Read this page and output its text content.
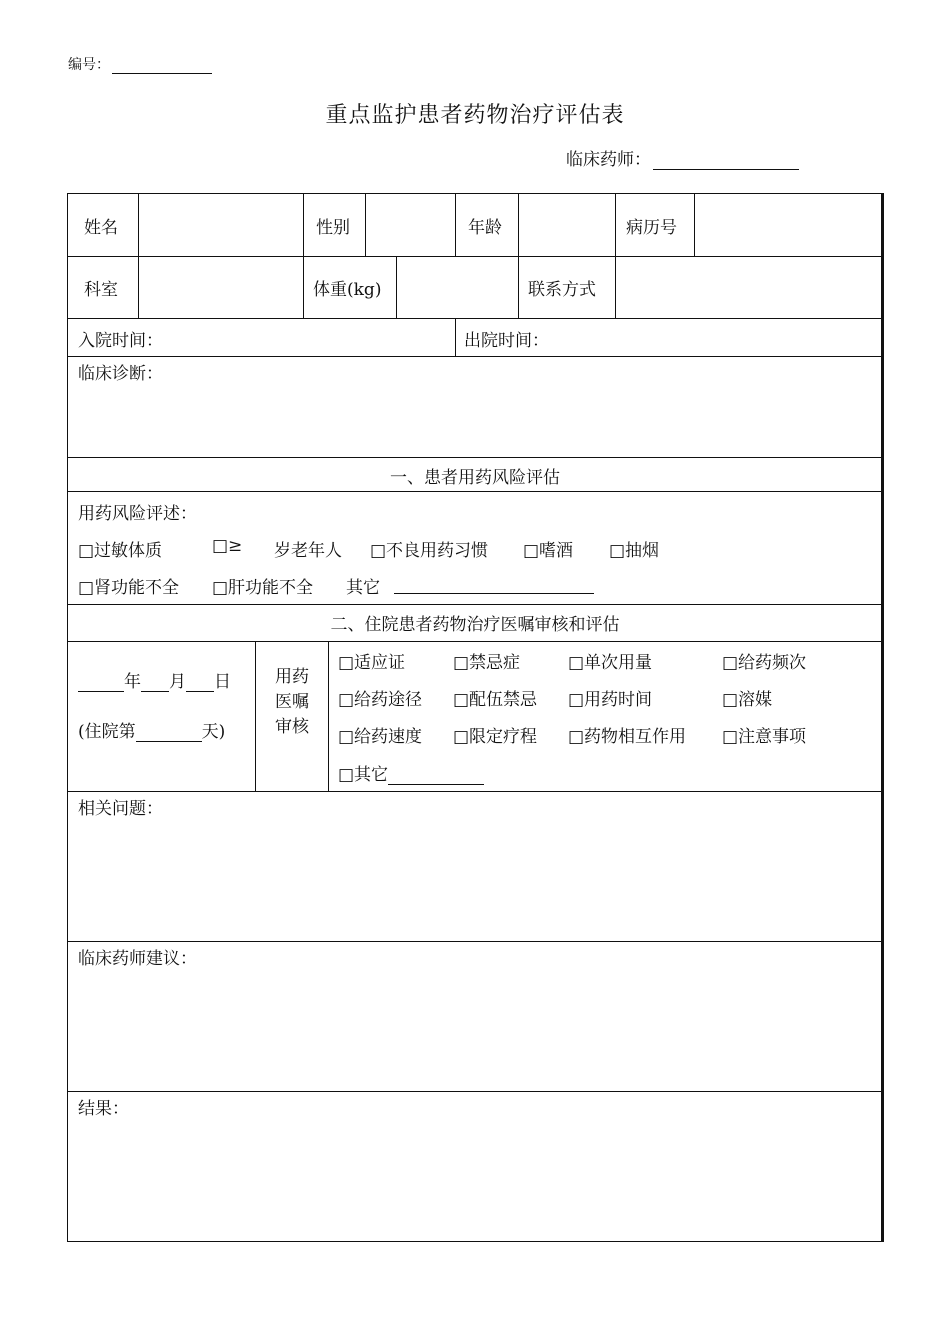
编号：
重点监护患者药物治疗评估表
临床药师：
姓名	性别	年龄	病历号
科室	体重(kg)	联系方式
入院时间：	出院时间：
临床诊断：
一、患者用药风险评估
用药风险评述：
□过敏体质	□≥ 岁老年人 □不良用药习惯 □嗜酒 □抽烟
□肾功能不全 □肝功能不全 其它
二、住院患者药物治疗医嘱审核和评估
年 月 日
(住院第	天)
用药
医嘱
审核
□适应证	□禁忌症	□单次用量	□给药频次
□给药途径 □配伍禁忌 □用药时间	□溶媒
□给药速度 □限定疗程 □药物相互作用 □注意事项
□其它
相关问题：
临床药师建议：
结果：
